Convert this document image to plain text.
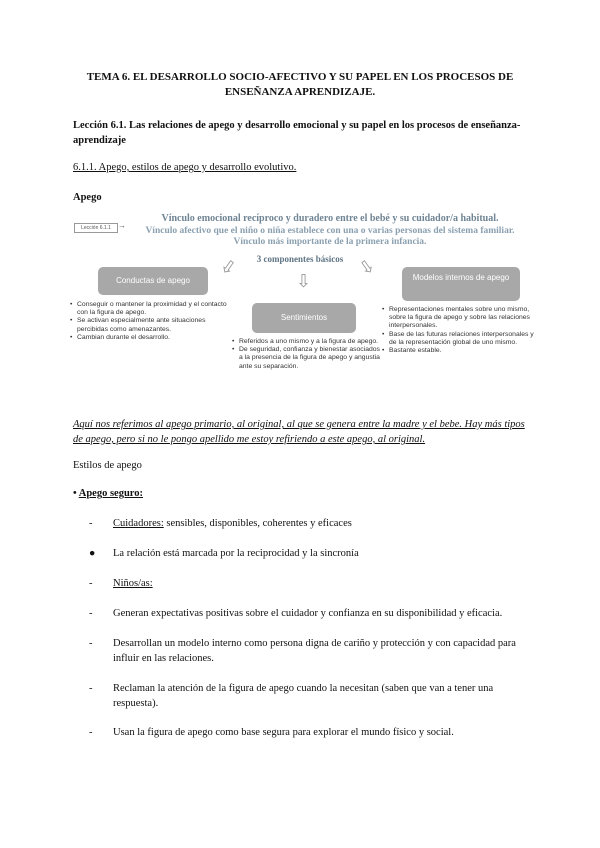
TEMA 6. EL DESARROLLO SOCIO-AFECTIVO Y SU PAPEL EN LOS PROCESOS DE ENSEÑANZA APRENDIZAJE.
Lección 6.1. Las relaciones de apego y desarrollo emocional y su papel en los procesos de enseñanza- aprendizaje
6.1.1. Apego, estilos de apego y desarrollo evolutivo.
Apego
Lección 6.1.1 →
Vínculo emocional recíproco y duradero entre el bebé y su cuidador/a habitual.
Vínculo afectivo que el niño o niña establece con una o varias personas del sistema familiar. Vínculo más importante de la primera infancia.
3 componentes básicos
⇩
⇩
⇩
Conductas de apego
Sentimientos
Modelos internos de apego
• Conseguir o mantener la proximidad y el contacto con la figura de apego.
• Se activan especialmente ante situaciones percibidas como amenazantes.
• Cambian durante el desarrollo.
• Referidos a uno mismo y a la figura de apego.
• De seguridad, confianza y bienestar asociados a la presencia de la figura de apego y angustia ante su separación.
• Representaciones mentales sobre uno mismo, sobre la figura de apego y sobre las relaciones interpersonales.
• Base de las futuras relaciones interpersonales y de la representación global de uno mismo.
• Bastante estable.
Aquí nos referimos al apego primario, al original, al que se genera entre la madre y el bebe. Hay más tipos de apego, pero si no le pongo apellido me estoy refiriendo a este apego, al original.
Estilos de apego
• Apego seguro:
-	Cuidadores: sensibles, disponibles, coherentes y eficaces
●	La relación está marcada por la reciprocidad y la sincronía
-	Niños/as:
-	Generan expectativas positivas sobre el cuidador y confianza en su disponibilidad y eficacia.
-	Desarrollan un modelo interno como persona digna de cariño y protección y con capacidad para influir en las relaciones.
-	Reclaman la atención de la figura de apego cuando la necesitan (saben que van a tener una respuesta).
-	Usan la figura de apego como base segura para explorar el mundo físico y social.
